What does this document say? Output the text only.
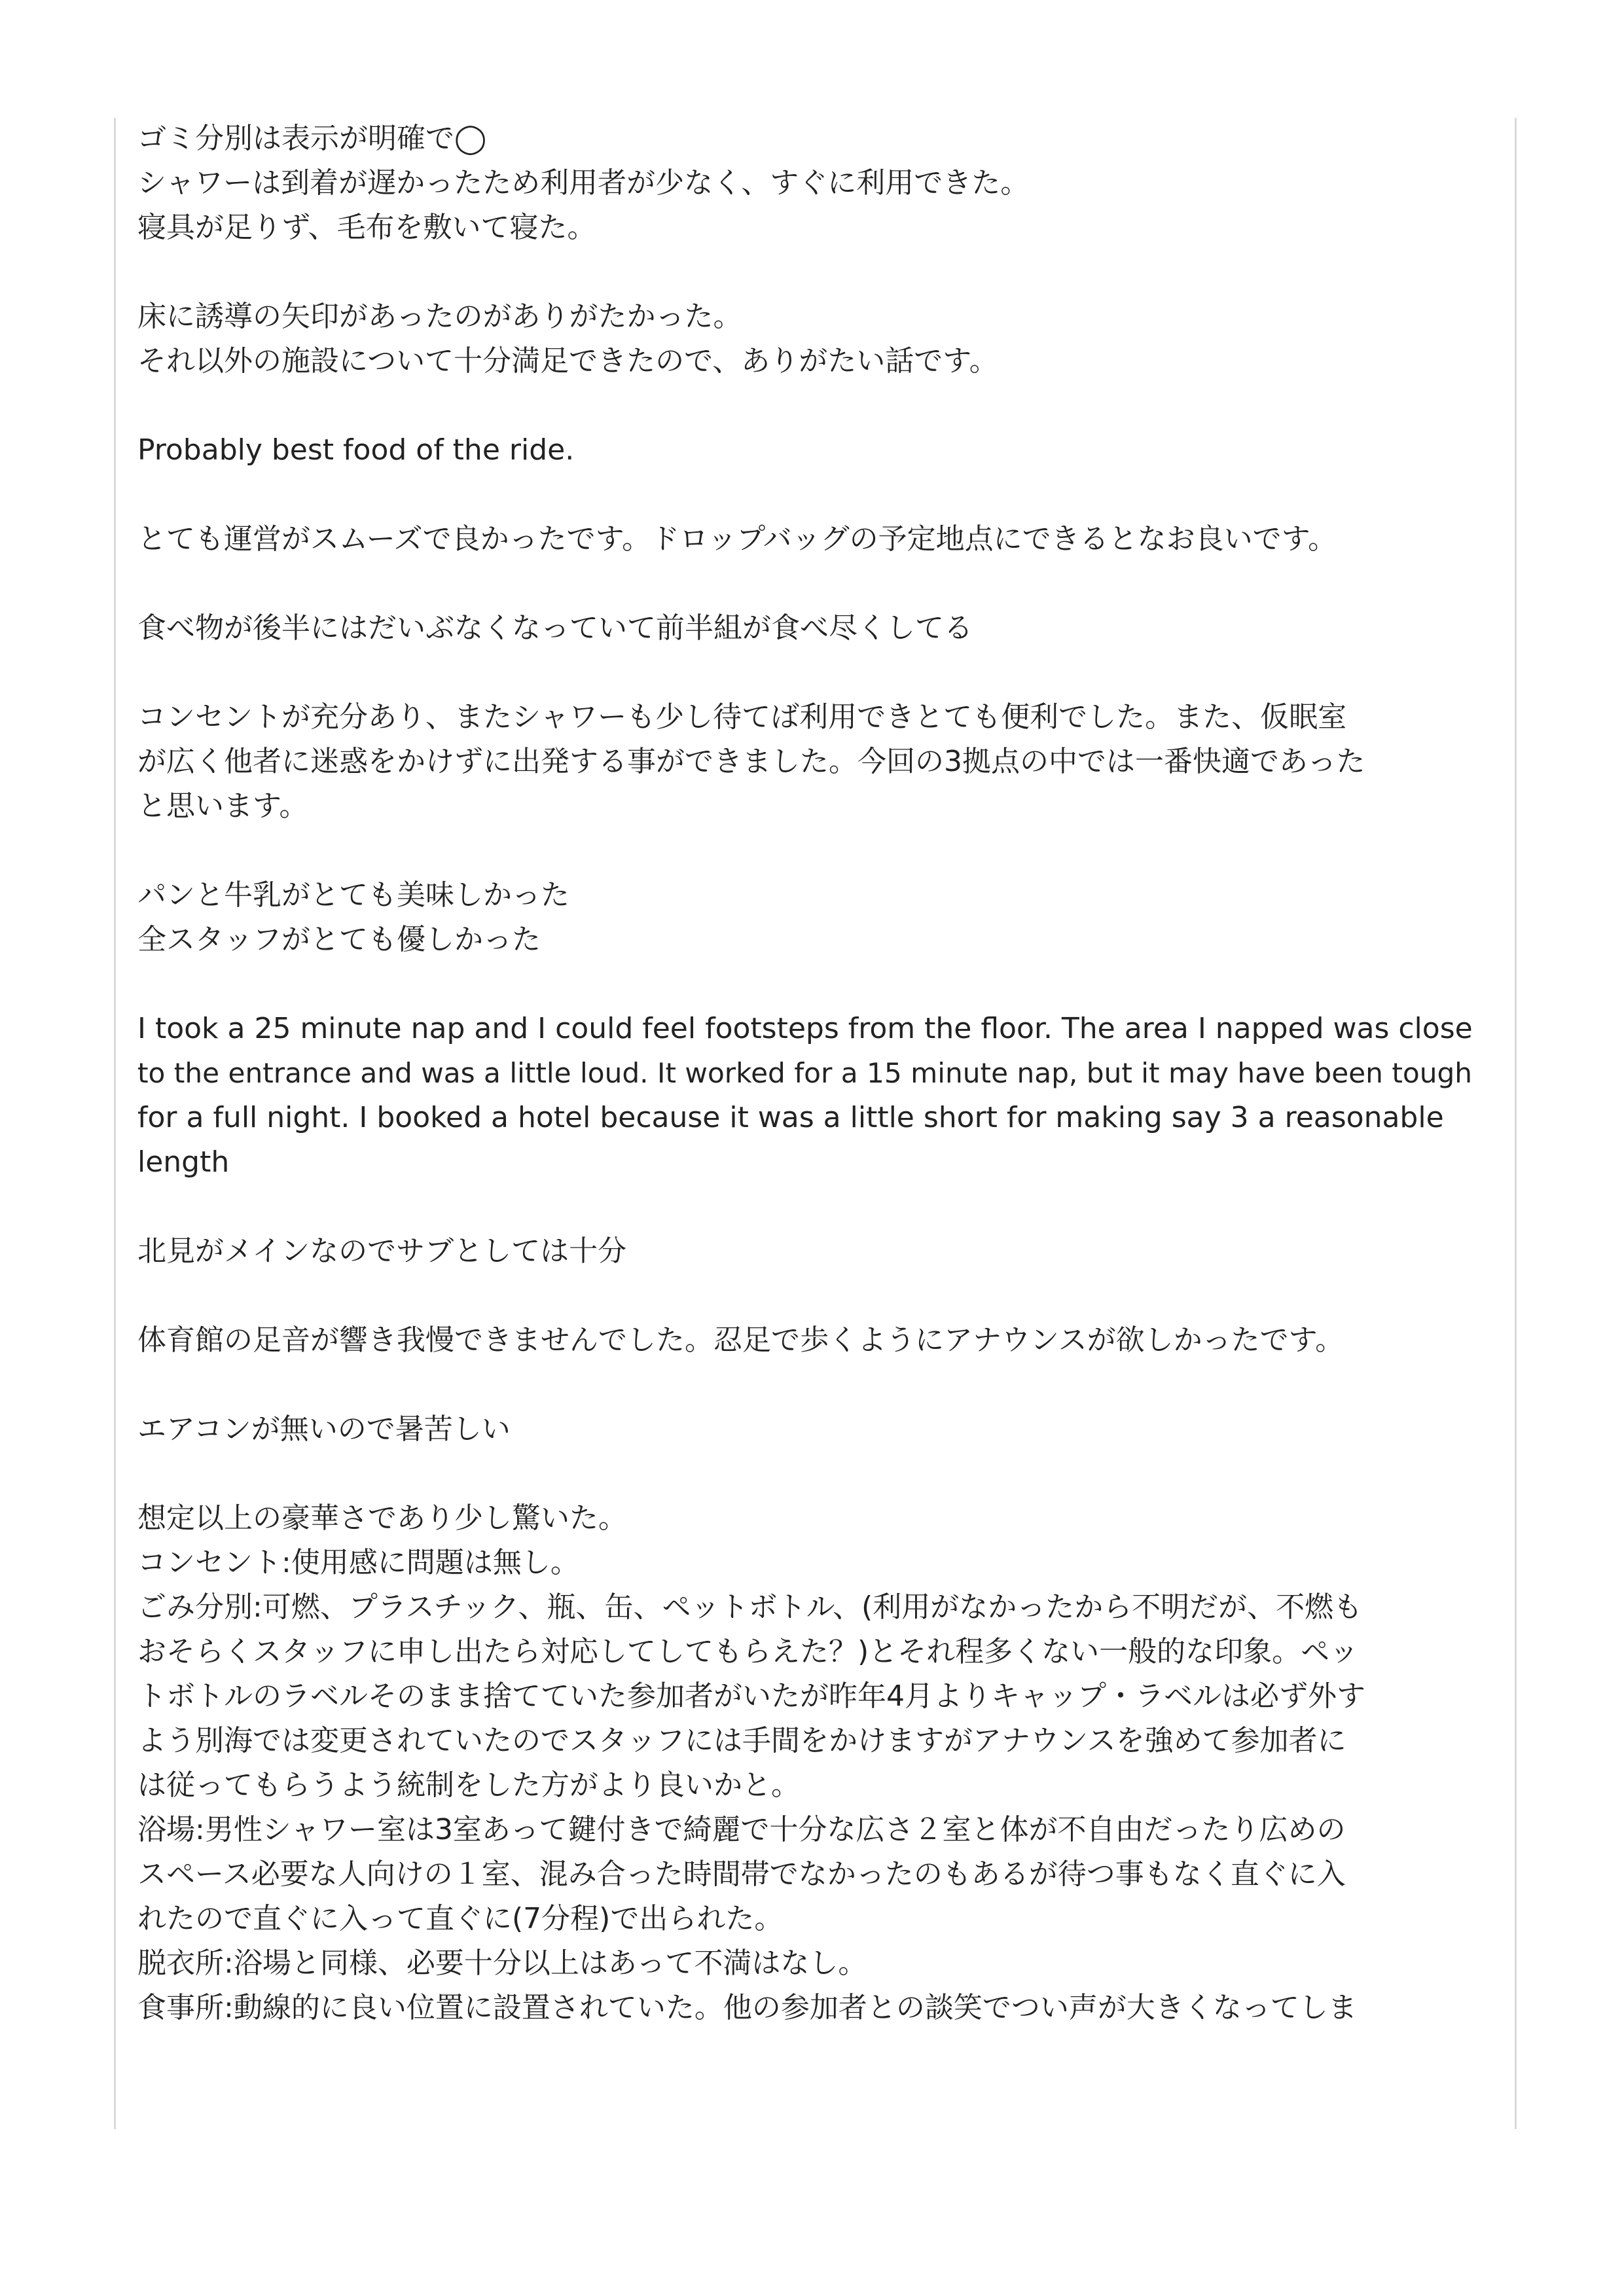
ゴミ分別は表示が明確で◯
シャワーは到着が遅かったため利用者が少なく、すぐに利用できた。
寝具が足りず、毛布を敷いて寝た。
床に誘導の矢印があったのがありがたかった。
それ以外の施設について十分満足できたので、ありがたい話です。
Probably best food of the ride.
とても運営がスムーズで良かったです。ドロップバッグの予定地点にできるとなお良いです。
食べ物が後半にはだいぶなくなっていて前半組が食べ尽くしてる
コンセントが充分あり、またシャワーも少し待てば利用できとても便利でした。また、仮眠室
が広く他者に迷惑をかけずに出発する事ができました。今回の3拠点の中では一番快適であった
と思います。
パンと牛乳がとても美味しかった
全スタッフがとても優しかった
I took a 25 minute nap and I could feel footsteps from the floor. The area I napped was close
to the entrance and was a little loud. It worked for a 15 minute nap, but it may have been tough
for a full night. I booked a hotel because it was a little short for making say 3 a reasonable
length
北見がメインなのでサブとしては十分
体育館の足音が響き我慢できませんでした。忍足で歩くようにアナウンスが欲しかったです。
エアコンが無いので暑苦しい
想定以上の豪華さであり少し驚いた。
コンセント:使用感に問題は無し。
ごみ分別:可燃、プラスチック、瓶、缶、ペットボトル、(利用がなかったから不明だが、不燃も
おそらくスタッフに申し出たら対応してしてもらえた？)とそれ程多くない一般的な印象。ペッ
トボトルのラベルそのまま捨てていた参加者がいたが昨年4月よりキャップ・ラベルは必ず外す
よう別海では変更されていたのでスタッフには手間をかけますがアナウンスを強めて参加者に
は従ってもらうよう統制をした方がより良いかと。
浴場:男性シャワー室は3室あって鍵付きで綺麗で十分な広さ２室と体が不自由だったり広めの
スペース必要な人向けの１室、混み合った時間帯でなかったのもあるが待つ事もなく直ぐに入
れたので直ぐに入って直ぐに(7分程)で出られた。
脱衣所:浴場と同様、必要十分以上はあって不満はなし。
食事所:動線的に良い位置に設置されていた。他の参加者との談笑でつい声が大きくなってしま
